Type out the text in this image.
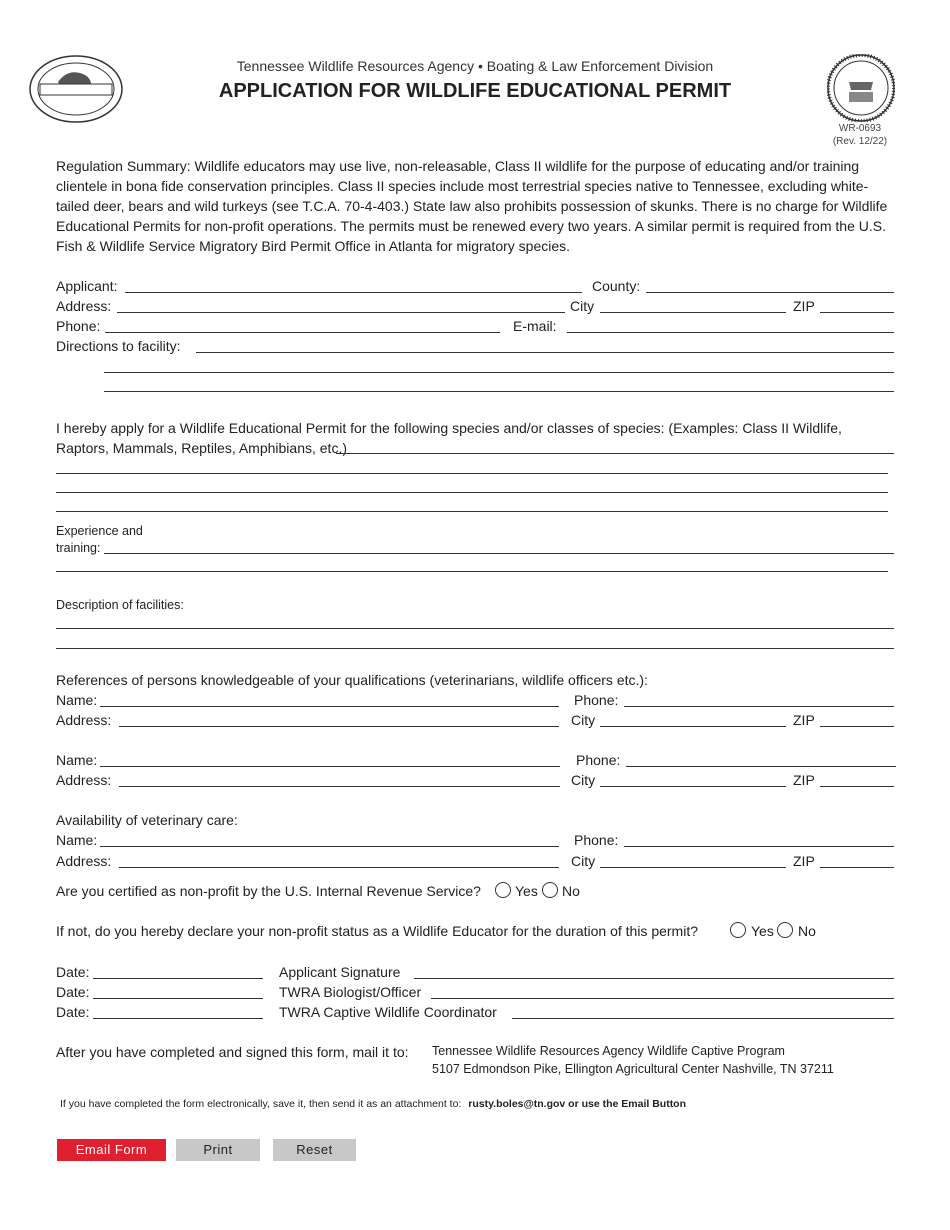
Tennessee Wildlife Resources Agency • Boating & Law Enforcement Division
APPLICATION FOR WILDLIFE EDUCATIONAL PERMIT
WR-0693
(Rev. 12/22)
Regulation Summary: Wildlife educators may use live, non-releasable, Class II wildlife for the purpose of educating and/or training clientele in bona fide conservation principles. Class II species include most terrestrial species native to Tennessee, excluding white-tailed deer, bears and wild turkeys (see T.C.A. 70-4-403.) State law also prohibits possession of skunks. There is no charge for Wildlife Educational Permits for non-profit operations. The permits must be renewed every two years. A similar permit is required from the U.S. Fish & Wildlife Service Migratory Bird Permit Office in Atlanta for migratory species.
Applicant:	County:
Address:	City	ZIP
Phone:	E-mail:
Directions to facility:
I hereby apply for a Wildlife Educational Permit for the following species and/or classes of species: (Examples: Class II Wildlife, Raptors, Mammals, Reptiles, Amphibians, etc.)
Experience and
training:
Description of facilities:
References of persons knowledgeable of your qualifications (veterinarians, wildlife officers etc.):
Name:	Phone:
Address:	City	ZIP
Name:	Phone:
Address:	City	ZIP
Availability of veterinary care:
Name:	Phone:
Address:	City	ZIP
Are you certified as non-profit by the U.S. Internal Revenue Service? Yes No
If not, do you hereby declare your non-profit status as a Wildlife Educator for the duration of this permit?	Yes No
Date:	Applicant Signature
Date:	TWRA Biologist/Officer
Date:	TWRA Captive Wildlife Coordinator
After you have completed and signed this form, mail it to: Tennessee Wildlife Resources Agency Wildlife Captive Program
5107 Edmondson Pike, Ellington Agricultural Center Nashville, TN 37211
If you have completed the form electronically, save it, then send it as an attachment to: rusty.boles@tn.gov or use the Email Button
Email Form	Print	Reset
